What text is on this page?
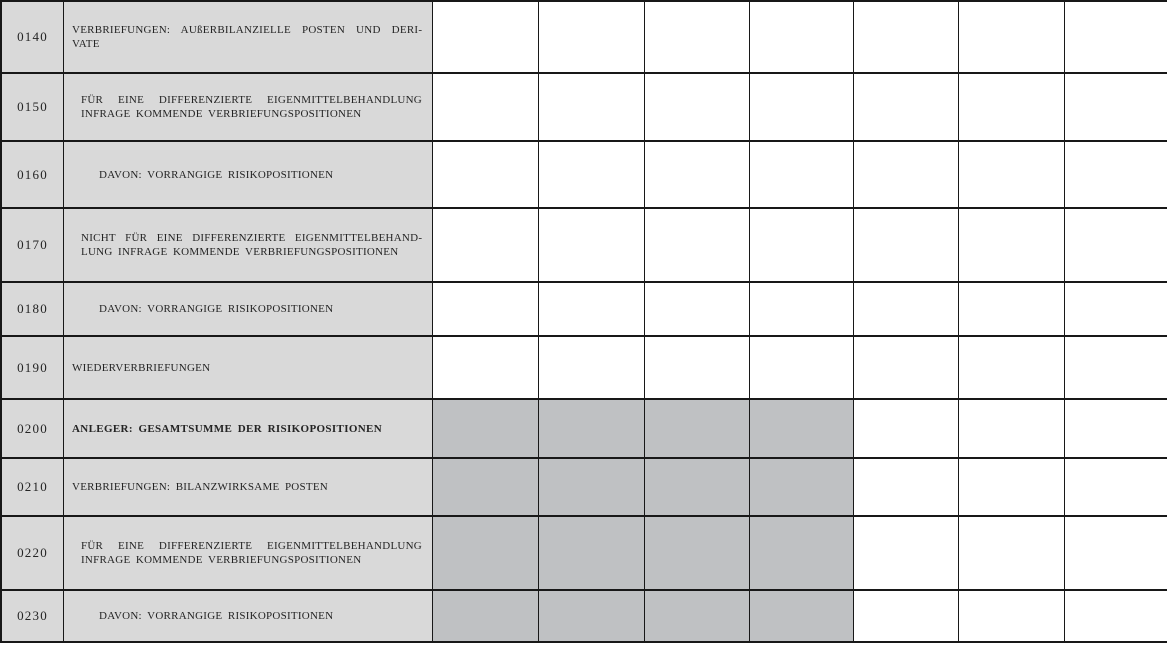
0140	VERBRIEFUNGEN: AUßERBILANZIELLE POSTEN UND DERIVATE
0150	FÜR EINE DIFFERENZIERTE EIGENMITTELBEHANDLUNG INFRAGE KOMMENDE VERBRIEFUNGSPOSITIONEN
0160	DAVON: VORRANGIGE RISIKOPOSITIONEN
0170	NICHT FÜR EINE DIFFERENZIERTE EIGENMITTELBEHANDLUNG INFRAGE KOMMENDE VERBRIEFUNGSPOSITIONEN
0180	DAVON: VORRANGIGE RISIKOPOSITIONEN
0190	WIEDERVERBRIEFUNGEN
0200	ANLEGER: GESAMTSUMME DER RISIKOPOSITIONEN
0210	VERBRIEFUNGEN: BILANZWIRKSAME POSTEN
0220	FÜR EINE DIFFERENZIERTE EIGENMITTELBEHANDLUNG INFRAGE KOMMENDE VERBRIEFUNGSPOSITIONEN
0230	DAVON: VORRANGIGE RISIKOPOSITIONEN
